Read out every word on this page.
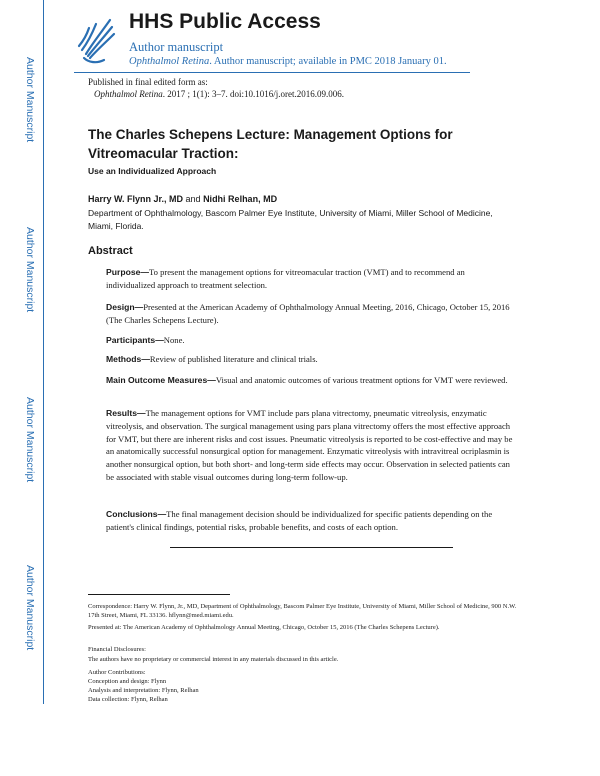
Author Manuscript
Author Manuscript
Author Manuscript
Author Manuscript
HHS Public Access
Author manuscript
Ophthalmol Retina. Author manuscript; available in PMC 2018 January 01.
Published in final edited form as:
Ophthalmol Retina. 2017 ; 1(1): 3–7. doi:10.1016/j.oret.2016.09.006.
The Charles Schepens Lecture: Management Options for Vitreomacular Traction:
Use an Individualized Approach
Harry W. Flynn Jr., MD and Nidhi Relhan, MD
Department of Ophthalmology, Bascom Palmer Eye Institute, University of Miami, Miller School of Medicine, Miami, Florida.
Abstract
Purpose—To present the management options for vitreomacular traction (VMT) and to recommend an individualized approach to treatment selection.
Design—Presented at the American Academy of Ophthalmology Annual Meeting, 2016, Chicago, October 15, 2016 (The Charles Schepens Lecture).
Participants—None.
Methods—Review of published literature and clinical trials.
Main Outcome Measures—Visual and anatomic outcomes of various treatment options for VMT were reviewed.
Results—The management options for VMT include pars plana vitrectomy, pneumatic vitreolysis, enzymatic vitreolysis, and observation. The surgical management using pars plana vitrectomy offers the most effective approach for VMT, but there are inherent risks and cost issues. Pneumatic vitreolysis is reported to be cost-effective and may be an anatomically successful nonsurgical option for management. Enzymatic vitreolysis with intravitreal ocriplasmin is another nonsurgical option, but both short- and long-term side effects may occur. Observation in selected patients can be associated with stable visual outcomes during long-term follow-up.
Conclusions—The final management decision should be individualized for specific patients depending on the patient's clinical findings, potential risks, probable benefits, and costs of each option.
Correspondence: Harry W. Flynn, Jr., MD, Department of Ophthalmology, Bascom Palmer Eye Institute, University of Miami, Miller School of Medicine, 900 N.W. 17th Street, Miami, FL 33136. hflynn@med.miami.edu.
Presented at: The American Academy of Ophthalmology Annual Meeting, Chicago, October 15, 2016 (The Charles Schepens Lecture).
Financial Disclosures:
The authors have no proprietary or commercial interest in any materials discussed in this article.
Author Contributions:
Conception and design: Flynn
Analysis and interpretation: Flynn, Relhan
Data collection: Flynn, Relhan
